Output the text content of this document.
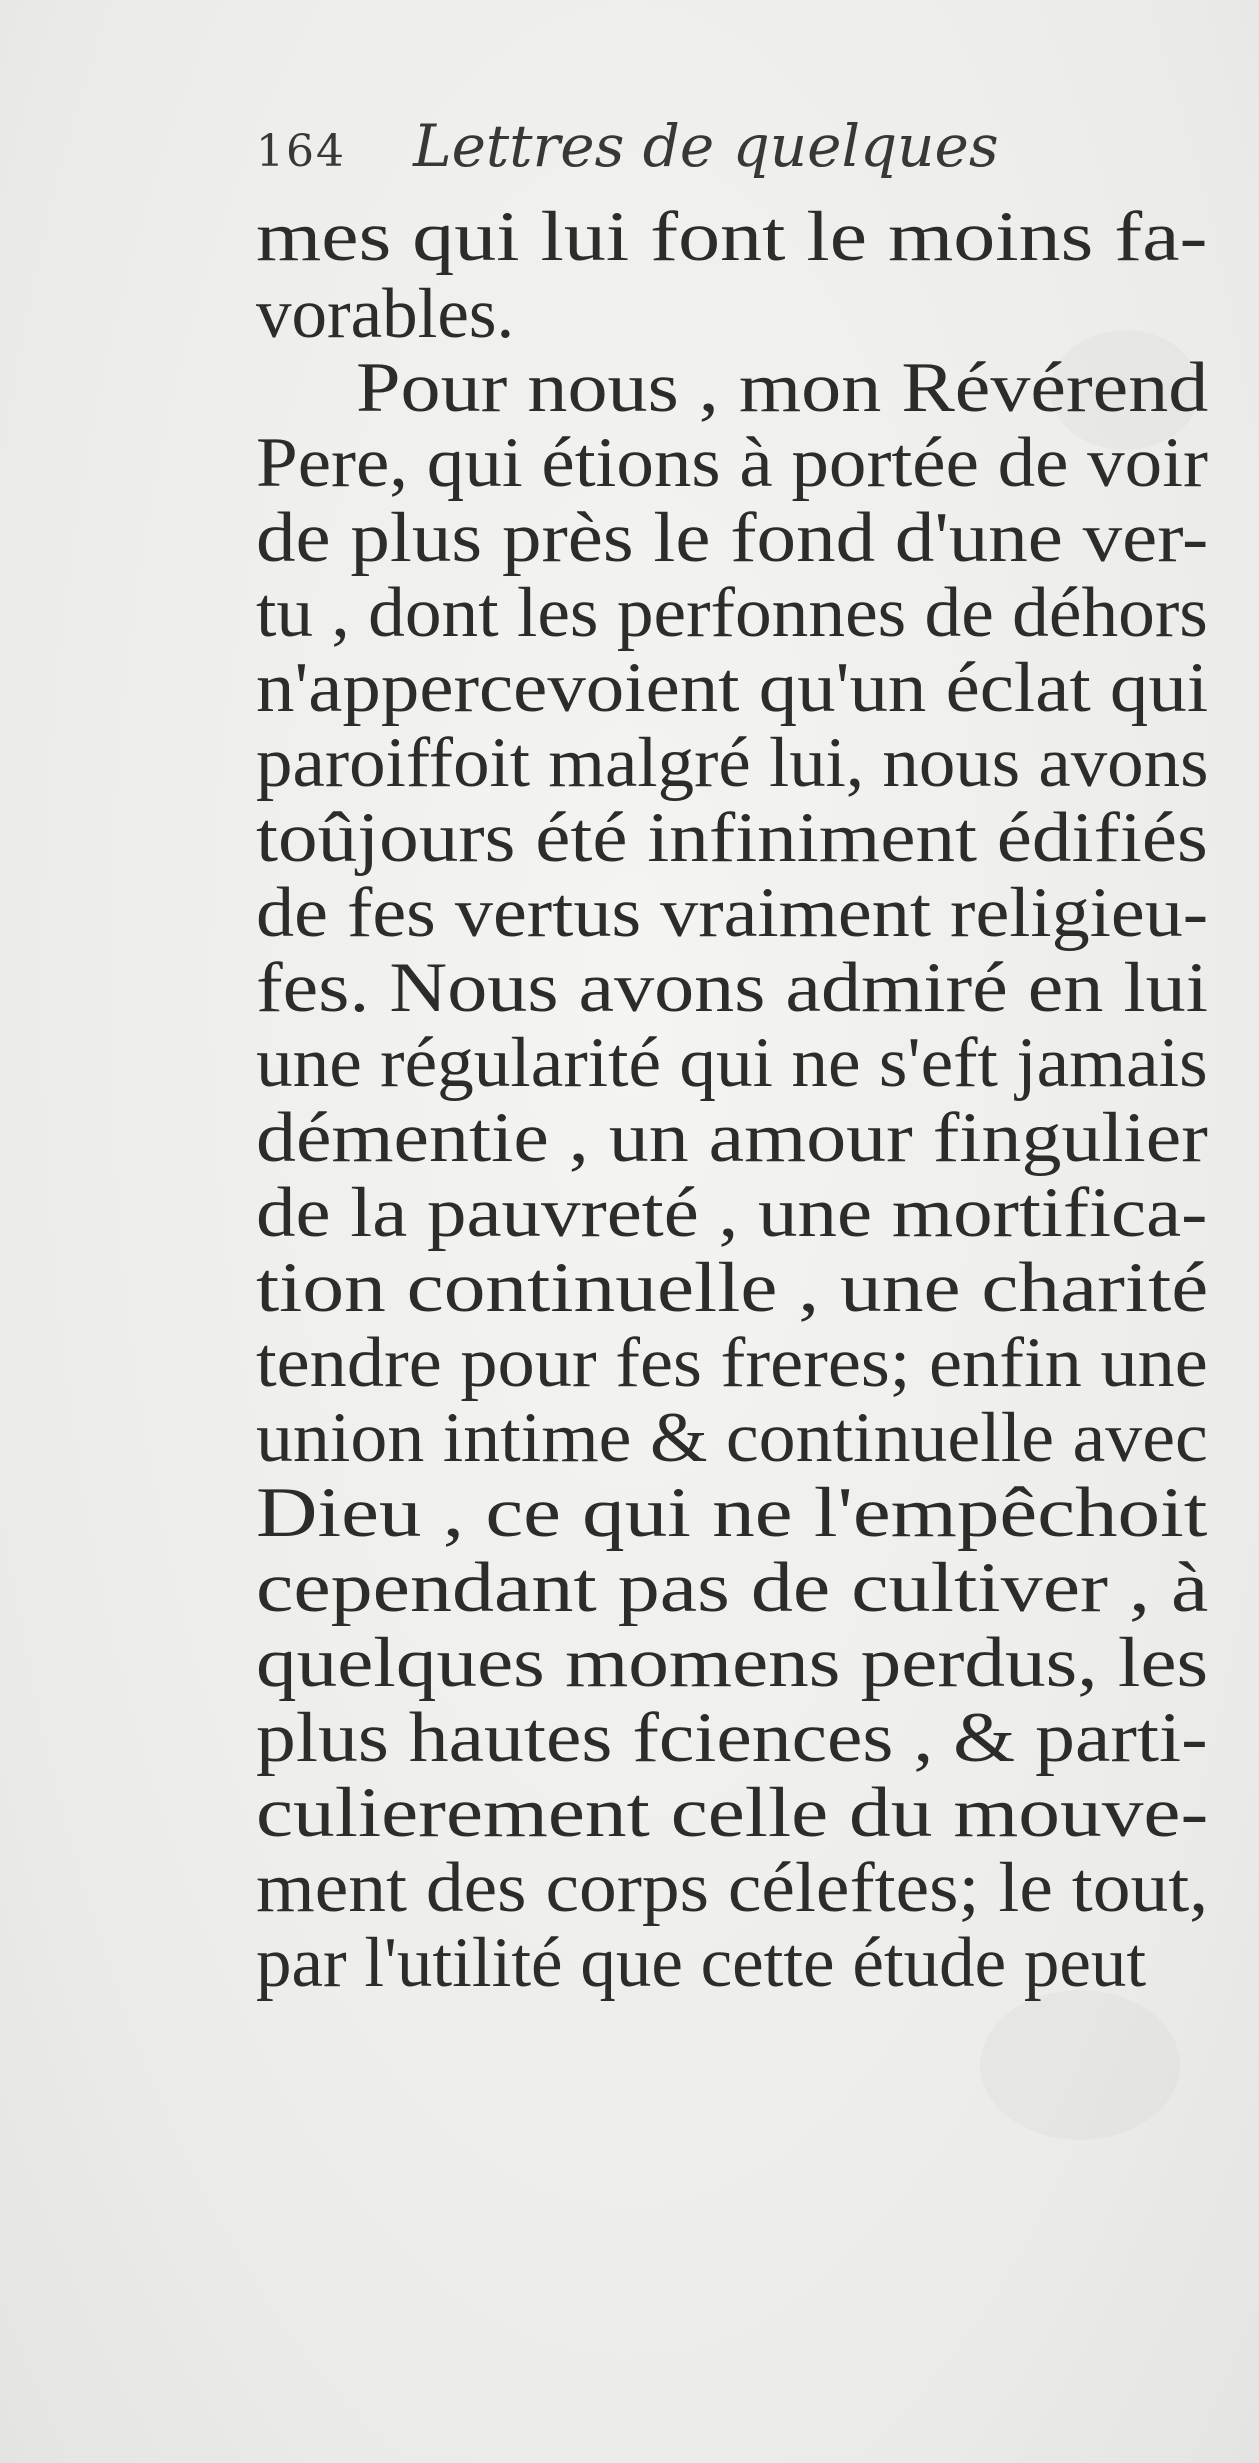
164 Lettres de quelques
mes qui lui font le moins fa-
vorables.
Pour nous , mon Révérend
Pere, qui étions à portée de voir
de plus près le fond d'une ver-
tu , dont les perfonnes de déhors
n'appercevoient qu'un éclat qui
paroiffoit malgré lui, nous avons
toûjours été infiniment édifiés
de fes vertus vraiment religieu-
fes. Nous avons admiré en lui
une régularité qui ne s'eft jamais
démentie , un amour fingulier
de la pauvreté , une mortifica-
tion continuelle , une charité
tendre pour fes freres; enfin une
union intime & continuelle avec
Dieu , ce qui ne l'empêchoit
cependant pas de cultiver , à
quelques momens perdus, les
plus hautes fciences , & parti-
culierement celle du mouve-
ment des corps céleftes; le tout,
par l'utilité que cette étude peut
